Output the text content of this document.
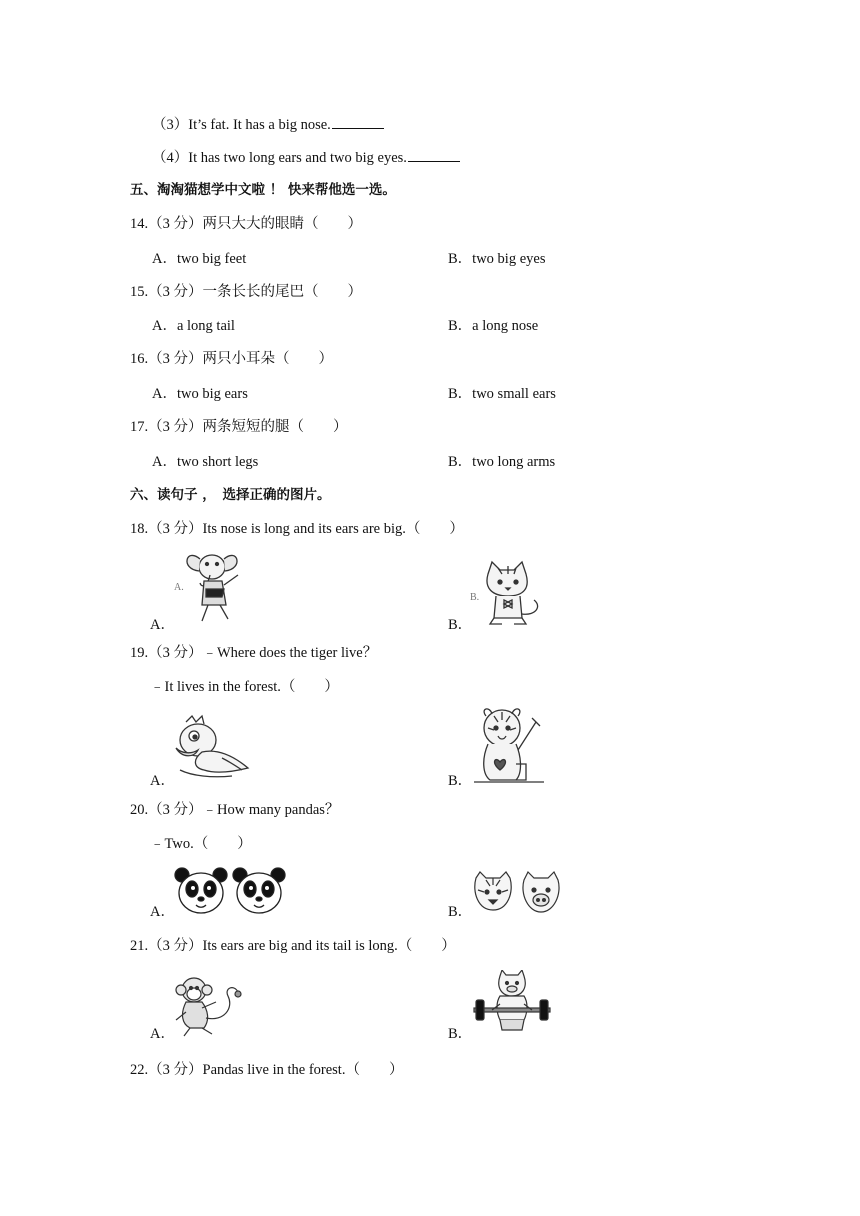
（3）It’s fat. It has a big nose.
（4）It has two long ears and two big eyes.
五、淘淘猫想学中文啦 ！ 快来帮他选一选。
14.（3 分）两只大大的眼睛（　　）
A．two big feet	B．two big eyes
15.（3 分）一条长长的尾巴（　　）
A．a long tail	B．a long nose
16.（3 分）两只小耳朵（　　）
A．two big ears	B．two small ears
17.（3 分）两条短短的腿（　　）
A．two short legs	B．two long arms
六、读句子 ，　选择正确的图片。
18.（3 分）Its nose is long and its ears are big.（　　）
A．	B．
A.
B.
19.（3 分）﹣Where does the tiger live？
﹣It lives in the forest.（　　）
A．	B．
20.（3 分）﹣How many pandas？
﹣Two.（　　）
A．	B．
21.（3 分）Its ears are big and its tail is long.（　　）
A．	B．
22.（3 分）Pandas live in the forest.（　　）
